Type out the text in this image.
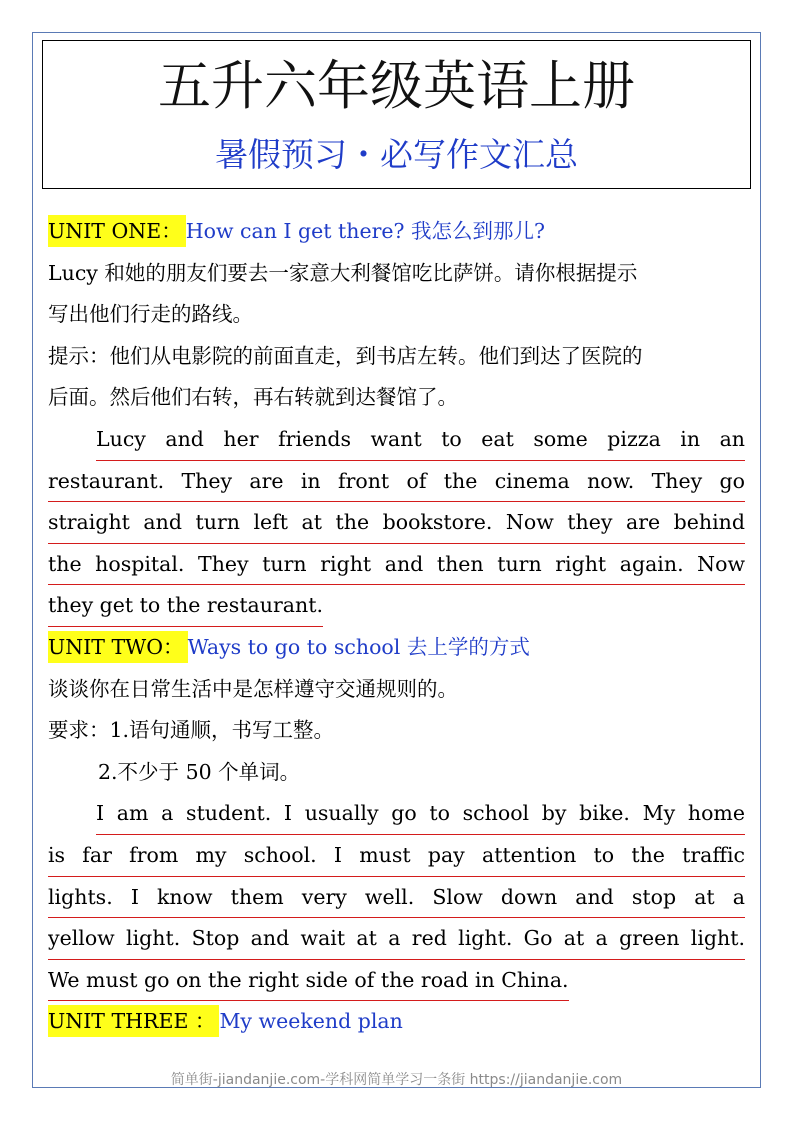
五升六年级英语上册
暑假预习・必写作文汇总
UNIT ONE： How can I get there? 我怎么到那儿?
Lucy 和她的朋友们要去一家意大利餐馆吃比萨饼。请你根据提示
写出他们行走的路线。
提示：他们从电影院的前面直走，到书店左转。他们到达了医院的
后面。然后他们右转，再右转就到达餐馆了。
Lucy and her friends want to eat some pizza in an
restaurant. They are in front of the cinema now. They go
straight and turn left at the bookstore. Now they are behind
the hospital. They turn right and then turn right again. Now
they get to the restaurant.
UNIT TWO： Ways to go to school 去上学的方式
谈谈你在日常生活中是怎样遵守交通规则的。
要求：1.语句通顺，书写工整。
2.不少于 50 个单词。
I am a student. I usually go to school by bike. My home
is far from my school. I must pay attention to the traffic
lights. I know them very well. Slow down and stop at a
yellow light. Stop and wait at a red light. Go at a green light.
We must go on the right side of the road in China.
UNIT THREE ： My weekend plan
简单街-jiandanjie.com-学科网简单学习一条街 https://jiandanjie.com
